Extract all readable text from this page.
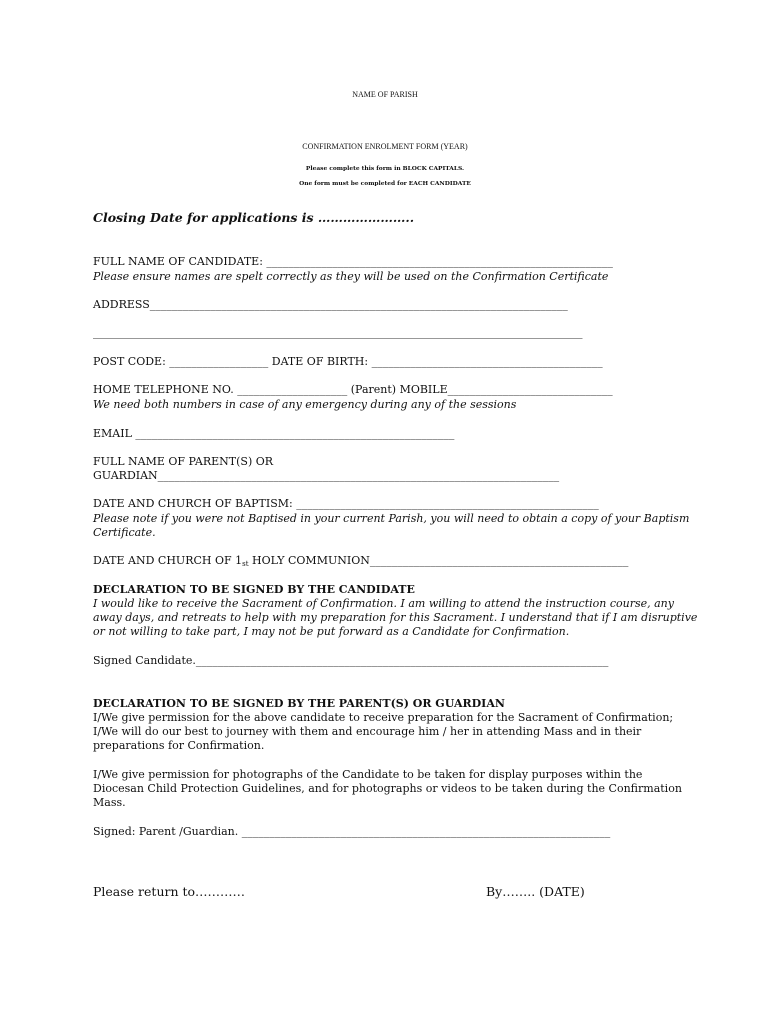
NAME OF PARISH
CONFIRMATION ENROLMENT FORM (YEAR)
Please complete this form in BLOCK CAPITALS.
One form must be completed for EACH CANDIDATE
Closing Date for applications is …………………..
FULL NAME OF CANDIDATE: _______________________________________________________________
Please ensure names are spelt correctly as they will be used on the Confirmation Certificate
ADDRESS____________________________________________________________________________
_________________________________________________________________________________________
POST CODE: __________________ DATE OF BIRTH: __________________________________________
HOME TELEPHONE NO. ____________________ (Parent) MOBILE______________________________
We need both numbers in case of any emergency during any of the sessions
EMAIL __________________________________________________________
FULL NAME OF PARENT(S) OR
GUARDIAN_________________________________________________________________________
DATE AND CHURCH OF BAPTISM: _______________________________________________________
Please note if you were not Baptised in your current Parish, you will need to obtain a copy of your Baptism
Certificate.
DATE AND CHURCH OF $1_{st}$ HOLY COMMUNION_______________________________________________
DECLARATION TO BE SIGNED BY THE CANDIDATE
I would like to receive the Sacrament of Confirmation. I am willing to attend the instruction course, any
away days, and retreats to help with my preparation for this Sacrament. I understand that if I am disruptive
or not willing to take part, I may not be put forward as a Candidate for Confirmation.
Signed Candidate.___________________________________________________________________________
DECLARATION TO BE SIGNED BY THE PARENT(S) OR GUARDIAN
I/We give permission for the above candidate to receive preparation for the Sacrament of Confirmation;
I/We will do our best to journey with them and encourage him / her in attending Mass and in their
preparations for Confirmation.
I/We give permission for photographs of the Candidate to be taken for display purposes within the
Diocesan Child Protection Guidelines, and for photographs or videos to be taken during the Confirmation
Mass.
Signed: Parent /Guardian. ___________________________________________________________________
Please return to…………	By…….. (DATE)
